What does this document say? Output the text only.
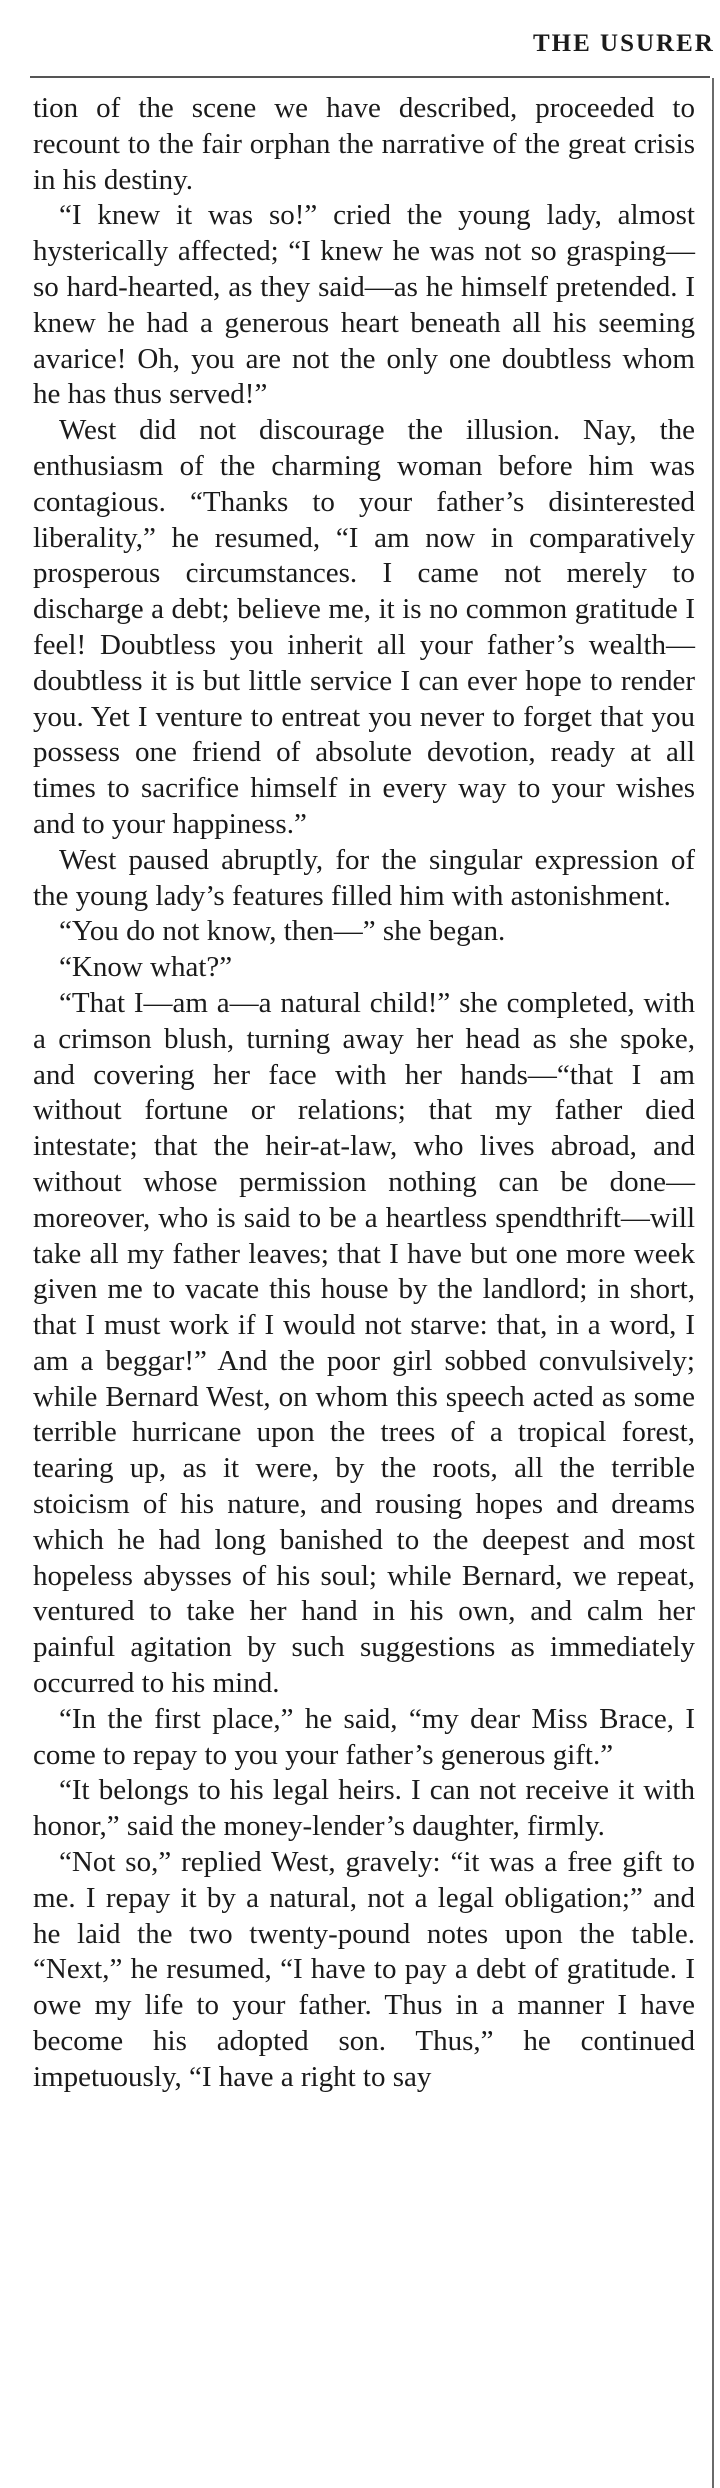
THE USURER

tion of the scene we have described, proceeded to recount to the fair orphan the narrative of the great crisis in his destiny.

“I knew it was so!” cried the young lady, almost hysterically affected; “I knew he was not so grasping—so hard-hearted, as they said—as he himself pretended. I knew he had a generous heart beneath all his seeming avarice! Oh, you are not the only one doubtless whom he has thus served!”

West did not discourage the illusion. Nay, the enthusiasm of the charming woman before him was contagious. “Thanks to your father’s disinterested liberality,” he resumed, “I am now in comparatively prosperous circumstances. I came not merely to discharge a debt; believe me, it is no common gratitude I feel! Doubtless you inherit all your father’s wealth—doubtless it is but little service I can ever hope to render you. Yet I venture to entreat you never to forget that you possess one friend of absolute devotion, ready at all times to sacrifice himself in every way to your wishes and to your happiness.”

West paused abruptly, for the singular expression of the young lady’s features filled him with astonishment.

“You do not know, then—” she began.

“Know what?”

“That I—am a—a natural child!” she completed, with a crimson blush, turning away her head as she spoke, and covering her face with her hands—“that I am without fortune or relations; that my father died intestate; that the heir-at-law, who lives abroad, and without whose permission nothing can be done—moreover, who is said to be a heartless spendthrift—will take all my father leaves; that I have but one more week given me to vacate this house by the landlord; in short, that I must work if I would not starve: that, in a word, I am a beggar!” And the poor girl sobbed convulsively; while Bernard West, on whom this speech acted as some terrible hurricane upon the trees of a tropical forest, tearing up, as it were, by the roots, all the terrible stoicism of his nature, and rousing hopes and dreams which he had long banished to the deepest and most hopeless abysses of his soul; while Bernard, we repeat, ventured to take her hand in his own, and calm her painful agitation by such suggestions as immediately occurred to his mind.

“In the first place,” he said, “my dear Miss Brace, I come to repay to you your father’s generous gift.”

“It belongs to his legal heirs. I can not receive it with honor,” said the money-lender’s daughter, firmly.

“Not so,” replied West, gravely: “it was a free gift to me. I repay it by a natural, not a legal obligation;” and he laid the two twenty-pound notes upon the table. “Next,” he resumed, “I have to pay a debt of gratitude. I owe my life to your father. Thus in a manner I have become his adopted son. Thus,” he continued impetuously, “I have a right to say
